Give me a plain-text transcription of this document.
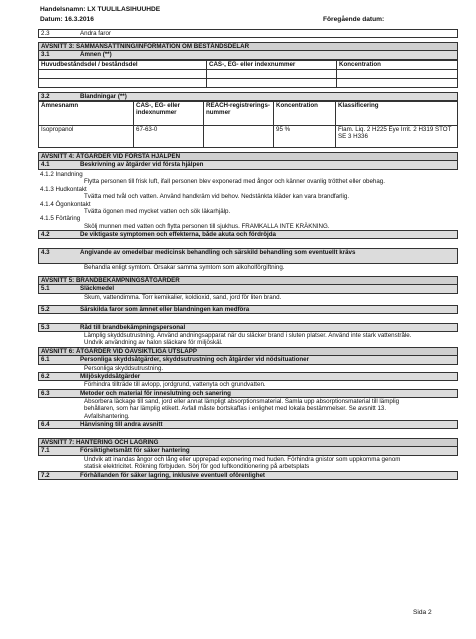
Handelsnamn: LX TUULILASIHUUHDE
Datum: 16.3.2016	Föregående datum:
2.3	Andra faror
AVSNITT 3: SAMMANSÄTTNING/INFORMATION OM BESTÅNDSDELAR
3.1	Ämnen (**)
Huvudbeståndsdel / beståndsdel	CAS-, EG- eller indexnummer	Koncentration

3.2	Blandningar (**)
Ämnesnamn	CAS-, EG- eller indexnummer	REACH-registrerings-nummer	Koncentration	Klassificering
Isopropanol	67-63-0		95 %	Flam. Liq. 2 H225 Eye Irrit. 2 H319 STOT SE 3 H336
AVSNITT 4: ÅTGÄRDER VID FÖRSTA HJÄLPEN
4.1	Beskrivning av åtgärder vid första hjälpen
4.1.2 Inandning
Flytta personen till frisk luft, ifall personen blev exponerad med ångor och känner ovanlig trötthet eller obehag.
4.1.3 Hudkontakt
Tvätta med tvål och vatten. Använd handkräm vid behov. Nedstänkta kläder kan vara brandfarlig.
4.1.4 Ögonkontakt
Tvätta ögonen med mycket vatten och sök läkarhjälp.
4.1.5 Förtäring
Skölj munnen med vatten och flytta personen till sjukhus. FRAMKALLA INTE KRÄKNING.
4.2	De viktigaste symptomen och effekterna, både akuta och fördröjda
4.3	Angivande av omedelbar medicinsk behandling och särskild behandling som eventuellt krävs
Behandla enligt symtom. Orsakar samma symtom som alkoholförgiftning.
AVSNITT 5: BRANDBEKÄMPNINGSÅTGÄRDER
5.1	Släckmedel
Skum, vattendimma. Torr kemikalier, koldioxid, sand, jord för liten brand.
5.2	Särskilda faror som ämnet eller blandningen kan medföra
5.3	Råd till brandbekämpningspersonal
Lämplig skyddsutrustning. Använd andningsapparat när du släcker brand i sluten platser. Använd inte stark vattenstråle. Undvik användning av halon släckare för miljöskäl.
AVSNITT 6: ÅTGÄRDER VID OAVSIKTLIGA UTSLÄPP
6.1	Personliga skyddsåtgärder, skyddsutrustning och åtgärder vid nödsituationer
Personliga skyddsutrustning.
6.2	Miljöskyddsåtgärder
Förhindra tillträde till avlopp, jordgrund, vattenyta och grundvatten.
6.3	Metoder och material för inneslutning och sanering
Absorbera läckage till sand, jord eller annat lämpligt absorptionsmaterial. Samla upp absorptionsmaterial till lämplig behållaren, som har lämplig etikett. Avfall måste bortskaffas i enlighet med lokala bestämmelser. Se avsnitt 13. Avfallshantering.
6.4	Hänvisning till andra avsnitt
AVSNITT 7: HANTERING OCH LAGRING
7.1	Försiktighetsmått för säker hantering
Undvik att inandas ångor och lång eller upprepad exponering med huden. Förhindra gnistor som uppkomma genom statisk elektricitet. Rökning förbjuden. Sörj för god luftkonditionering på arbetsplats
7.2	Förhållanden för säker lagring, inklusive eventuell oförenlighet
Sida 2
